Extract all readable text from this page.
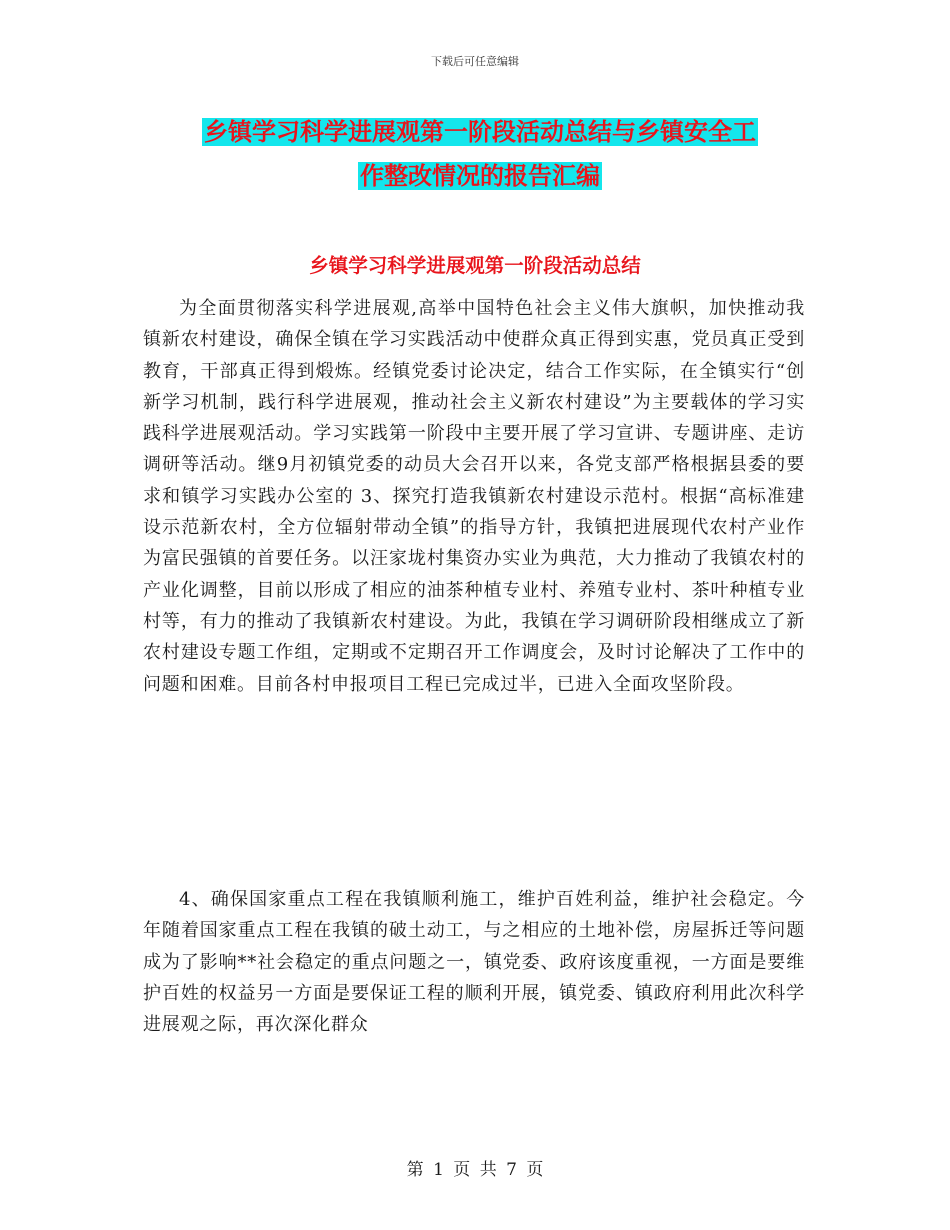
下载后可任意编辑
乡镇学习科学进展观第一阶段活动总结与乡镇安全工
作整改情况的报告汇编
乡镇学习科学进展观第一阶段活动总结

为全面贯彻落实科学进展观,高举中国特色社会主义伟大旗帜，加快推动我镇新农村建设，确保全镇在学习实践活动中使群众真正得到实惠，党员真正受到教育，干部真正得到煅炼。经镇党委讨论决定，结合工作实际，在全镇实行“创新学习机制，践行科学进展观，推动社会主义新农村建设”为主要载体的学习实践科学进展观活动。学习实践第一阶段中主要开展了学习宣讲、专题讲座、走访调研等活动。继9月初镇党委的动员大会召开以来，各党支部严格根据县委的要求和镇学习实践办公室的 3、探究打造我镇新农村建设示范村。根据“高标准建设示范新农村，全方位辐射带动全镇”的指导方针，我镇把进展现代农村产业作为富民强镇的首要任务。以汪家垅村集资办实业为典范，大力推动了我镇农村的产业化调整，目前以形成了相应的油茶种植专业村、养殖专业村、茶叶种植专业村等，有力的推动了我镇新农村建设。为此，我镇在学习调研阶段相继成立了新农村建设专题工作组，定期或不定期召开工作调度会，及时讨论解决了工作中的问题和困难。目前各村申报项目工程已完成过半，已进入全面攻坚阶段。

4、确保国家重点工程在我镇顺利施工，维护百姓利益，维护社会稳定。今年随着国家重点工程在我镇的破土动工，与之相应的土地补偿，房屋拆迁等问题成为了影响**社会稳定的重点问题之一，镇党委、政府该度重视，一方面是要维护百姓的权益另一方面是要保证工程的顺利开展，镇党委、镇政府利用此次科学进展观之际，再次深化群众

第 1 页 共 7 页
